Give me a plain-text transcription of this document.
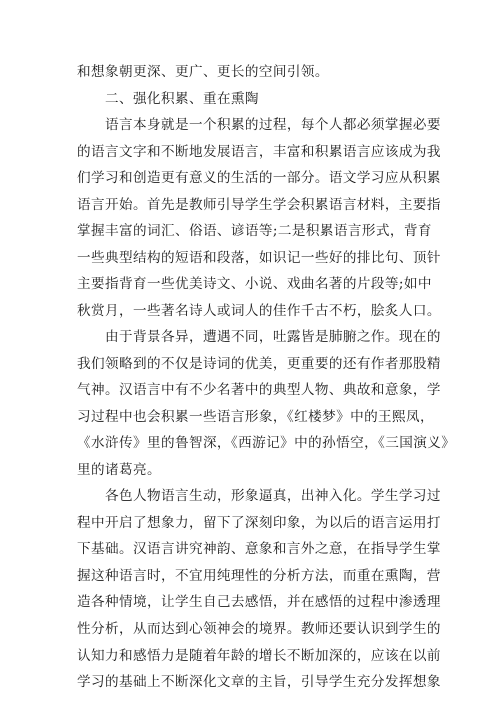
和想象朝更深、更广、更长的空间引领。
二、强化积累、重在熏陶
语言本身就是一个积累的过程，每个人都必须掌握必要
的语言文字和不断地发展语言，丰富和积累语言应该成为我
们学习和创造更有意义的生活的一部分。语文学习应从积累
语言开始。首先是教师引导学生学会积累语言材料，主要指
掌握丰富的词汇、俗语、谚语等;二是积累语言形式，背育
一些典型结构的短语和段落，如识记一些好的排比句、顶针
主要指背育一些优美诗文、小说、戏曲名著的片段等;如中
秋赏月，一些著名诗人或词人的佳作千古不朽，脍炙人口。
由于背景各异，遭遇不同，吐露皆是肺腑之作。现在的
我们领略到的不仅是诗词的优美，更重要的还有作者那股精
气神。汉语言中有不少名著中的典型人物、典故和意象，学
习过程中也会积累一些语言形象，《红楼梦》中的王熙凤，
《水浒传》里的鲁智深，《西游记》中的孙悟空，《三国演义》
里的诸葛亮。
各色人物语言生动，形象逼真，出神入化。学生学习过
程中开启了想象力，留下了深刻印象，为以后的语言运用打
下基础。汉语言讲究神韵、意象和言外之意，在指导学生掌
握这种语言时，不宜用纯理性的分析方法，而重在熏陶，营
造各种情境，让学生自己去感悟，并在感悟的过程中渗透理
性分析，从而达到心领神会的境界。教师还要认识到学生的
认知力和感悟力是随着年龄的增长不断加深的，应该在以前
学习的基础上不断深化文章的主旨，引导学生充分发挥想象
